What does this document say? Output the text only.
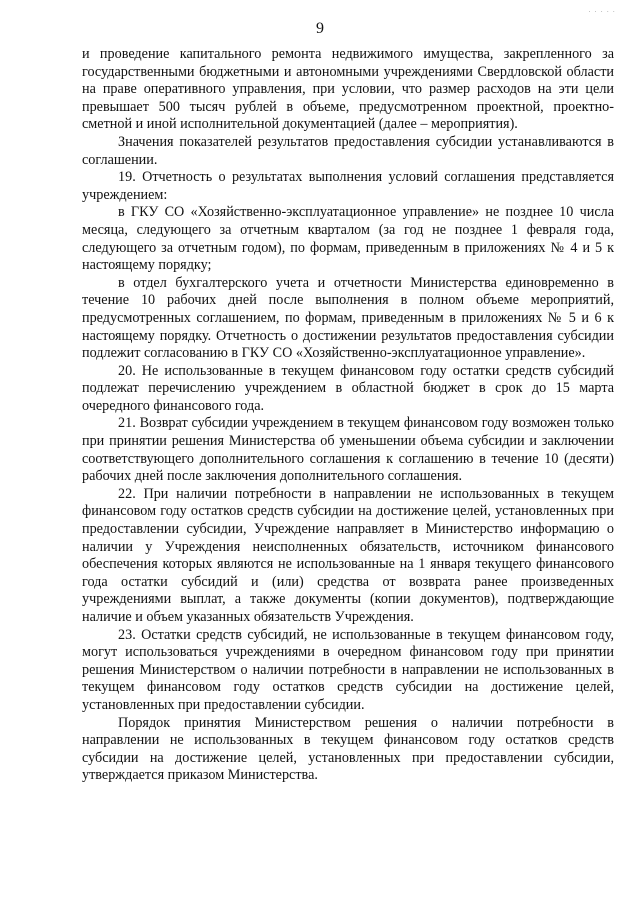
· · · · ·
9

и проведение капитального ремонта недвижимого имущества, закрепленного за государственными бюджетными и автономными учреждениями Свердловской области на праве оперативного управления, при условии, что размер расходов на эти цели превышает 500 тысяч рублей в объеме, предусмотренном проектной, проектно-сметной и иной исполнительной документацией (далее – мероприятия).

Значения показателей результатов предоставления субсидии устанавливаются в соглашении.

19. Отчетность о результатах выполнения условий соглашения представляется учреждением:

в ГКУ СО «Хозяйственно-эксплуатационное управление» не позднее 10 числа месяца, следующего за отчетным кварталом (за год не позднее 1 февраля года, следующего за отчетным годом), по формам, приведенным в приложениях № 4 и 5 к настоящему порядку;

в отдел бухгалтерского учета и отчетности Министерства единовременно в течение 10 рабочих дней после выполнения в полном объеме мероприятий, предусмотренных соглашением, по формам, приведенным в приложениях № 5 и 6 к настоящему порядку. Отчетность о достижении результатов предоставления субсидии подлежит согласованию в ГКУ СО «Хозяйственно-эксплуатационное управление».

20. Не использованные в текущем финансовом году остатки средств субсидий подлежат перечислению учреждением в областной бюджет в срок до 15 марта очередного финансового года.

21. Возврат субсидии учреждением в текущем финансовом году возможен только при принятии решения Министерства об уменьшении объема субсидии и заключении соответствующего дополнительного соглашения к соглашению в течение 10 (десяти) рабочих дней после заключения дополнительного соглашения.

22. При наличии потребности в направлении не использованных в текущем финансовом году остатков средств субсидии на достижение целей, установленных при предоставлении субсидии, Учреждение направляет в Министерство информацию о наличии у Учреждения неисполненных обязательств, источником финансового обеспечения которых являются не использованные на 1 января текущего финансового года остатки субсидий и (или) средства от возврата ранее произведенных учреждениями выплат, а также документы (копии документов), подтверждающие наличие и объем указанных обязательств Учреждения.

23. Остатки средств субсидий, не использованные в текущем финансовом году, могут использоваться учреждениями в очередном финансовом году при принятии решения Министерством о наличии потребности в направлении не использованных в текущем финансовом году остатков средств субсидии на достижение целей, установленных при предоставлении субсидии.

Порядок принятия Министерством решения о наличии потребности в направлении не использованных в текущем финансовом году остатков средств субсидии на достижение целей, установленных при предоставлении субсидии, утверждается приказом Министерства.
